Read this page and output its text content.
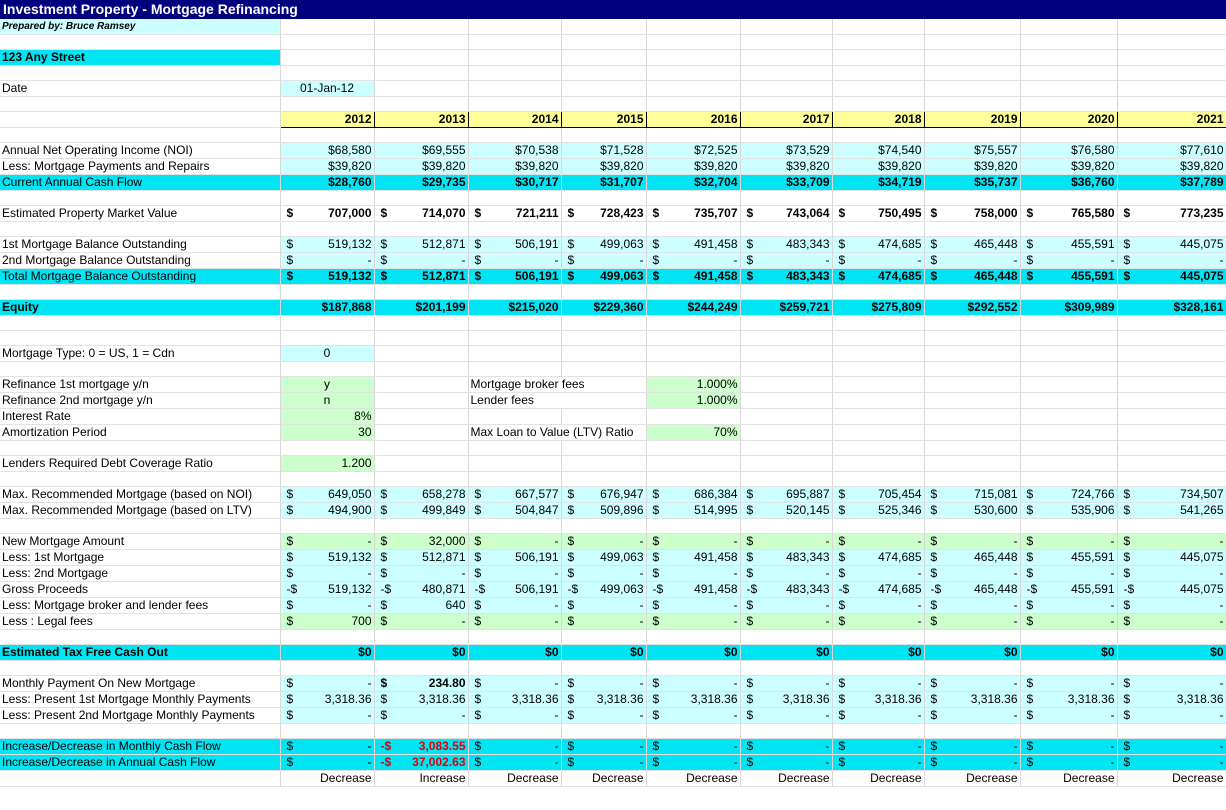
Investment Property - Mortgage Refinancing
Prepared by: Bruce Ramsey										

123 Any Street										

Date	01-Jan-12									

	2012	2013	2014	2015	2016	2017	2018	2019	2020	2021

Annual Net Operating Income (NOI)	$68,580	$69,555	$70,538	$71,528	$72,525	$73,529	$74,540	$75,557	$76,580	$77,610
Less: Mortgage Payments and Repairs	$39,820	$39,820	$39,820	$39,820	$39,820	$39,820	$39,820	$39,820	$39,820	$39,820
Current Annual Cash Flow	$28,760	$29,735	$30,717	$31,707	$32,704	$33,709	$34,719	$35,737	$36,760	$37,789

Estimated Property Market Value	$ 707,000	$ 714,070	$ 721,211	$ 728,423	$ 735,707	$ 743,064	$ 750,495	$ 758,000	$ 765,580	$ 773,235

1st Mortgage Balance Outstanding	$ 519,132	$ 512,871	$ 506,191	$ 499,063	$ 491,458	$ 483,343	$ 474,685	$ 465,448	$ 455,591	$ 445,075
2nd Mortgage Balance Outstanding	$ -	$ -	$ -	$ -	$ -	$ -	$ -	$ -	$ -	$ -
Total Mortgage Balance Outstanding	$ 519,132	$ 512,871	$ 506,191	$ 499,063	$ 491,458	$ 483,343	$ 474,685	$ 465,448	$ 455,591	$ 445,075

Equity	$187,868	$201,199	$215,020	$229,360	$244,249	$259,721	$275,809	$292,552	$309,989	$328,161

Mortgage Type: 0 = US, 1 = Cdn	0									

Refinance 1st mortgage y/n	y		Mortgage broker fees		1.000%					
Refinance 2nd mortgage y/n	n		Lender fees		1.000%					
Interest Rate	8%									
Amortization Period	30		Max Loan to Value (LTV) Ratio		70%					

Lenders Required Debt Coverage Ratio	1.200									

Max. Recommended Mortgage (based on NOI)	$ 649,050	$ 658,278	$ 667,577	$ 676,947	$ 686,384	$ 695,887	$ 705,454	$ 715,081	$ 724,766	$ 734,507
Max. Recommended Mortgage (based on LTV)	$ 494,900	$ 499,849	$ 504,847	$ 509,896	$ 514,995	$ 520,145	$ 525,346	$ 530,600	$ 535,906	$ 541,265

New Mortgage Amount	$ -	$ 32,000	$ -	$ -	$ -	$ -	$ -	$ -	$ -	$ -
Less: 1st Mortgage	$ 519,132	$ 512,871	$ 506,191	$ 499,063	$ 491,458	$ 483,343	$ 474,685	$ 465,448	$ 455,591	$ 445,075
Less: 2nd Mortgage	$ -	$ -	$ -	$ -	$ -	$ -	$ -	$ -	$ -	$ -
Gross Proceeds	-$ 519,132	-$ 480,871	-$ 506,191	-$ 499,063	-$ 491,458	-$ 483,343	-$ 474,685	-$ 465,448	-$ 455,591	-$ 445,075
Less: Mortgage broker and lender fees	$ -	$ 640	$ -	$ -	$ -	$ -	$ -	$ -	$ -	$ -
Less : Legal fees	$ 700	$ -	$ -	$ -	$ -	$ -	$ -	$ -	$ -	$ -

Estimated Tax Free Cash Out	$0	$0	$0	$0	$0	$0	$0	$0	$0	$0

Monthly Payment On New Mortgage	$ -	$ 234.80	$ -	$ -	$ -	$ -	$ -	$ -	$ -	$ -
Less: Present 1st Mortgage Monthly Payments	$ 3,318.36	$ 3,318.36	$ 3,318.36	$ 3,318.36	$ 3,318.36	$ 3,318.36	$ 3,318.36	$ 3,318.36	$ 3,318.36	$ 3,318.36
Less: Present 2nd Mortgage Monthly Payments	$ -	$ -	$ -	$ -	$ -	$ -	$ -	$ -	$ -	$ -

Increase/Decrease in Monthly Cash Flow	$ -	-$ 3,083.55	$ -	$ -	$ -	$ -	$ -	$ -	$ -	$ -
Increase/Decrease in Annual Cash Flow	$ -	-$ 37,002.63	$ -	$ -	$ -	$ -	$ -	$ -	$ -	$ -
	Decrease	Increase	Decrease	Decrease	Decrease	Decrease	Decrease	Decrease	Decrease	Decrease
